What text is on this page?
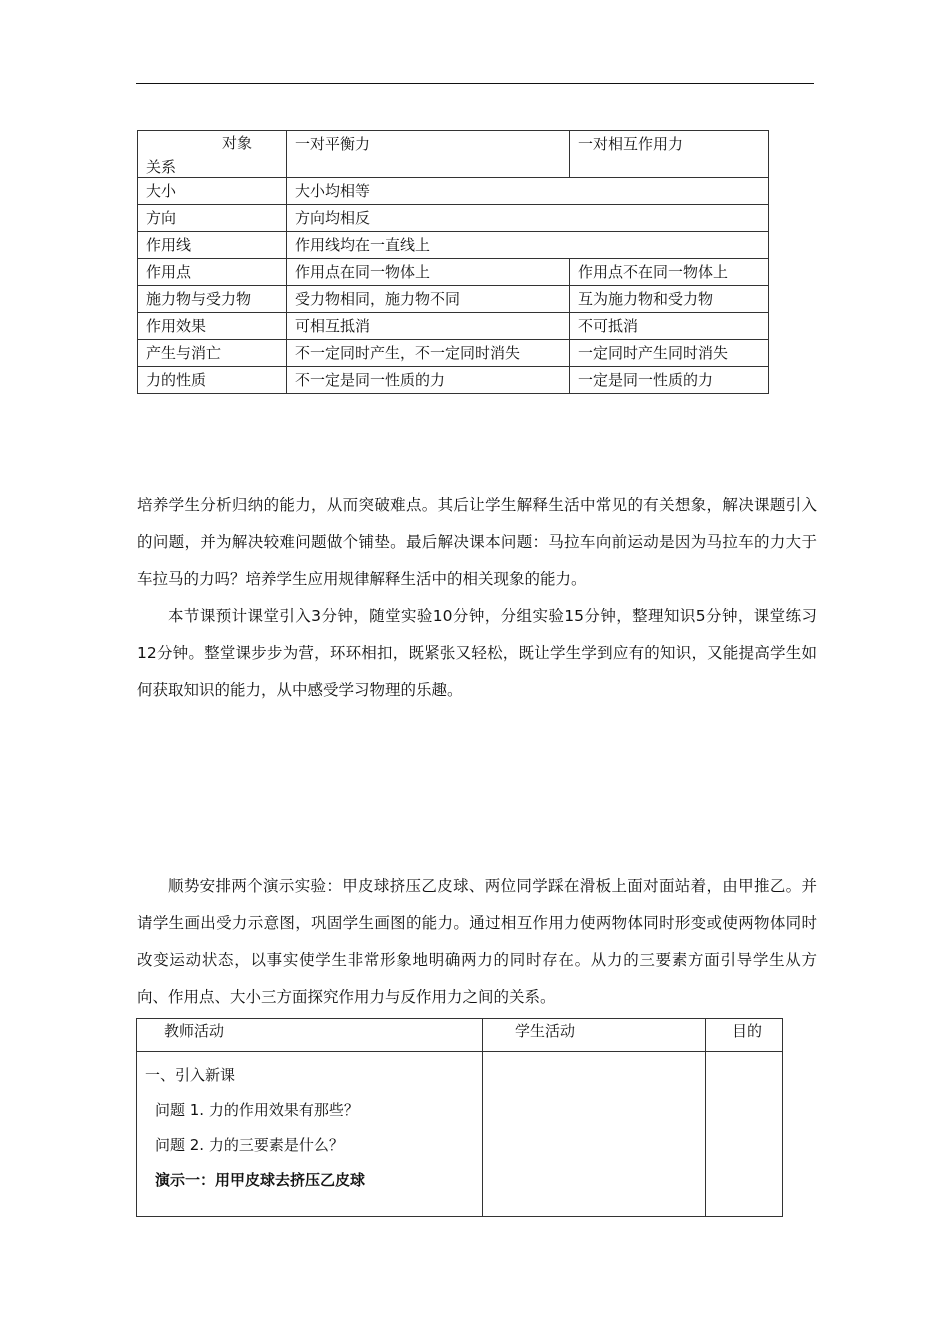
对象
关系	一对平衡力	一对相互作用力
大小	大小均相等	
方向	方向均相反	
作用线	作用线均在一直线上	
作用点	作用点在同一物体上	作用点不在同一物体上
施力物与受力物	受力物相同，施力物不同	互为施力物和受力物
作用效果	可相互抵消	不可抵消
产生与消亡	不一定同时产生，不一定同时消失	一定同时产生同时消失
力的性质	不一定是同一性质的力	一定是同一性质的力

培养学生分析归纳的能力，从而突破难点。其后让学生解释生活中常见的有关想象，解决课题引入的问题，并为解决较难问题做个铺垫。最后解决课本问题：马拉车向前运动是因为马拉车的力大于车拉马的力吗？培养学生应用规律解释生活中的相关现象的能力。

本节课预计课堂引入3分钟，随堂实验10分钟，分组实验15分钟，整理知识5分钟，课堂练习12分钟。整堂课步步为营，环环相扣，既紧张又轻松，既让学生学到应有的知识，又能提高学生如何获取知识的能力，从中感受学习物理的乐趣。

顺势安排两个演示实验：甲皮球挤压乙皮球、两位同学踩在滑板上面对面站着，由甲推乙。并请学生画出受力示意图，巩固学生画图的能力。通过相互作用力使两物体同时形变或使两物体同时改变运动状态，以事实使学生非常形象地明确两力的同时存在。从力的三要素方面引导学生从方向、作用点、大小三方面探究作用力与反作用力之间的关系。

教师活动	学生活动	目的

一、引入新课
问题 1. 力的作用效果有那些？
问题 2. 力的三要素是什么？
演示一：用甲皮球去挤压乙皮球		
